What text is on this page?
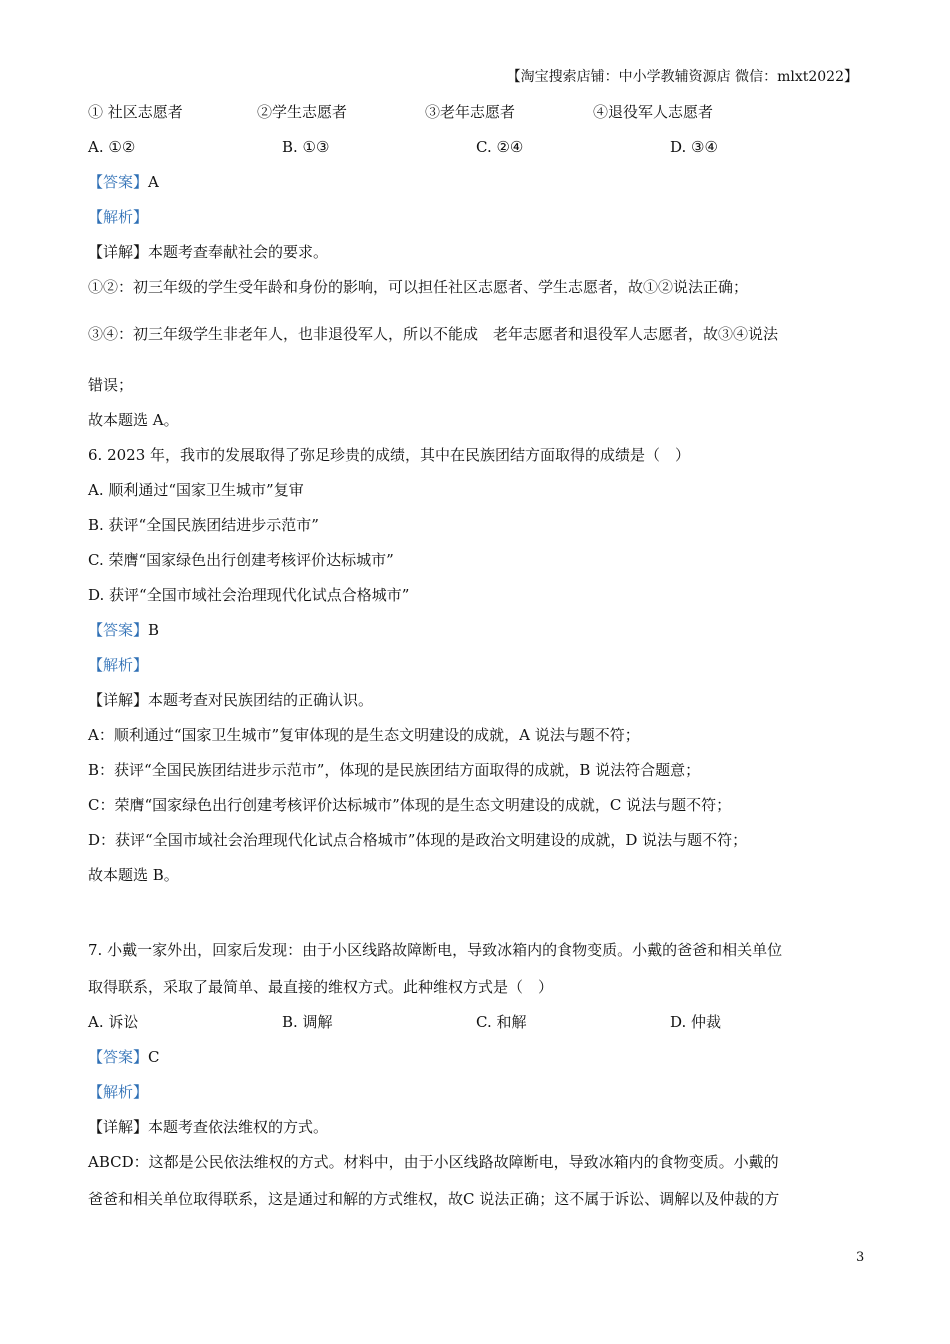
【淘宝搜索店铺：中小学教辅资源店 微信：mlxt2022】
① 社区志愿者	②学生志愿者	③老年志愿者	④退役军人志愿者
A. ①②	B. ①③	C. ②④	D. ③④
【答案】A
【解析】
【详解】本题考查奉献社会的要求。
①②：初三年级的学生受年龄和身份的影响，可以担任社区志愿者、学生志愿者，故①②说法正确；
③④：初三年级学生非老年人，也非退役军人，所以不能成　老年志愿者和退役军人志愿者，故③④说法
错误；
故本题选 A。
6. 2023 年，我市的发展取得了弥足珍贵的成绩，其中在民族团结方面取得的成绩是（　）
A. 顺利通过“国家卫生城市”复审
B. 获评“全国民族团结进步示范市”
C. 荣膺“国家绿色出行创建考核评价达标城市”
D. 获评“全国市域社会治理现代化试点合格城市”
【答案】B
【解析】
【详解】本题考查对民族团结的正确认识。
A：顺利通过“国家卫生城市”复审体现的是生态文明建设的成就，A 说法与题不符；
B：获评“全国民族团结进步示范市”，体现的是民族团结方面取得的成就，B 说法符合题意；
C：荣膺“国家绿色出行创建考核评价达标城市”体现的是生态文明建设的成就，C 说法与题不符；
D：获评“全国市域社会治理现代化试点合格城市”体现的是政治文明建设的成就，D 说法与题不符；
故本题选 B。
7. 小戴一家外出，回家后发现：由于小区线路故障断电，导致冰箱内的食物变质。小戴的爸爸和相关单位
取得联系，采取了最简单、最直接的维权方式。此种维权方式是（　）
A. 诉讼	B. 调解	C. 和解	D. 仲裁
【答案】C
【解析】
【详解】本题考查依法维权的方式。
ABCD：这都是公民依法维权的方式。材料中，由于小区线路故障断电，导致冰箱内的食物变质。小戴的
爸爸和相关单位取得联系，这是通过和解的方式维权，故C 说法正确；这不属于诉讼、调解以及仲裁的方
3
